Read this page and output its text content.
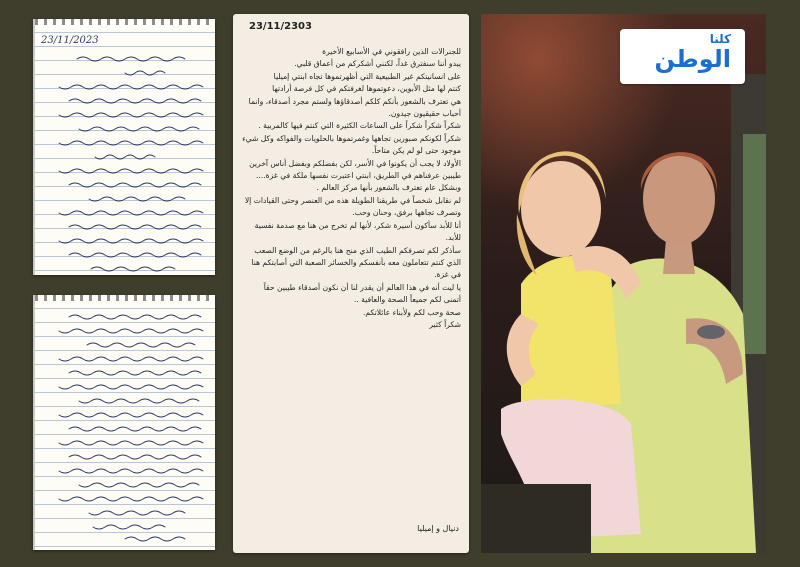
23/11/2023
23/11/2303

للجنرالات الذين رافقوني في الأسابيع الأخيرة

يبدو أننا سنفترق غداً، لكنني أشكركم من أعماق قلبي.

على انسانيتكم غير الطبيعية التي أظهرتموها تجاه ابنتي إميليا

كنتم لها مثل الأبوين، دعوتموها لغرفتكم في كل فرصة أرادتها

هي تعترف بالشعور بأنكم كلكم أصدقاؤها ولستم مجرد أصدقاء، وانما أحباب حقيقيون جيدون.

شكراً شكراً شكراً على الساعات الكثيرة التي كنتم فيها كالمربية .

شكراً لكونكم صبورين تجاهها وغمرتموها بالحلويات والفواكه وكل شيء موجود حتى لو لم يكن متاحاً.

الأولاد لا يجب أن يكونوا في الأسر، لكن بفضلكم وبفضل أناس آخرين طيبين عرفناهم في الطريق، ابنتي اعتبرت نفسها ملكة في غزة....

وبشكل عام تعترف بالشعور بأنها مركز العالم .

لم نقابل شخصاً في طريقنا الطويلة هذه من العنصر وحتى القيادات إلا وتصرف تجاهها برفق، وحنان وحب.

أنا للأبد سأكون أسيرة شكر، لأنها لم تخرج من هنا مع صدمة نفسية للأبد.

سأذكر لكم تصرفكم الطيب الذي منح هنا بالرغم من الوضع الصعب الذي كنتم تتعاملون معه بأنفسكم والخسائر الصعبة التي أصابتكم هنا في غزة.

يا ليت أنه في هذا العالم أن يقدر لنا أن نكون أصدقاء طيبين حقاً

أتمنى لكم جميعاً الصحة والعافية ..

صحة وحب لكم ولأبناء عائلاتكم.

شكراً كثير

دنيال و إميليا
كلنا
الوطن
